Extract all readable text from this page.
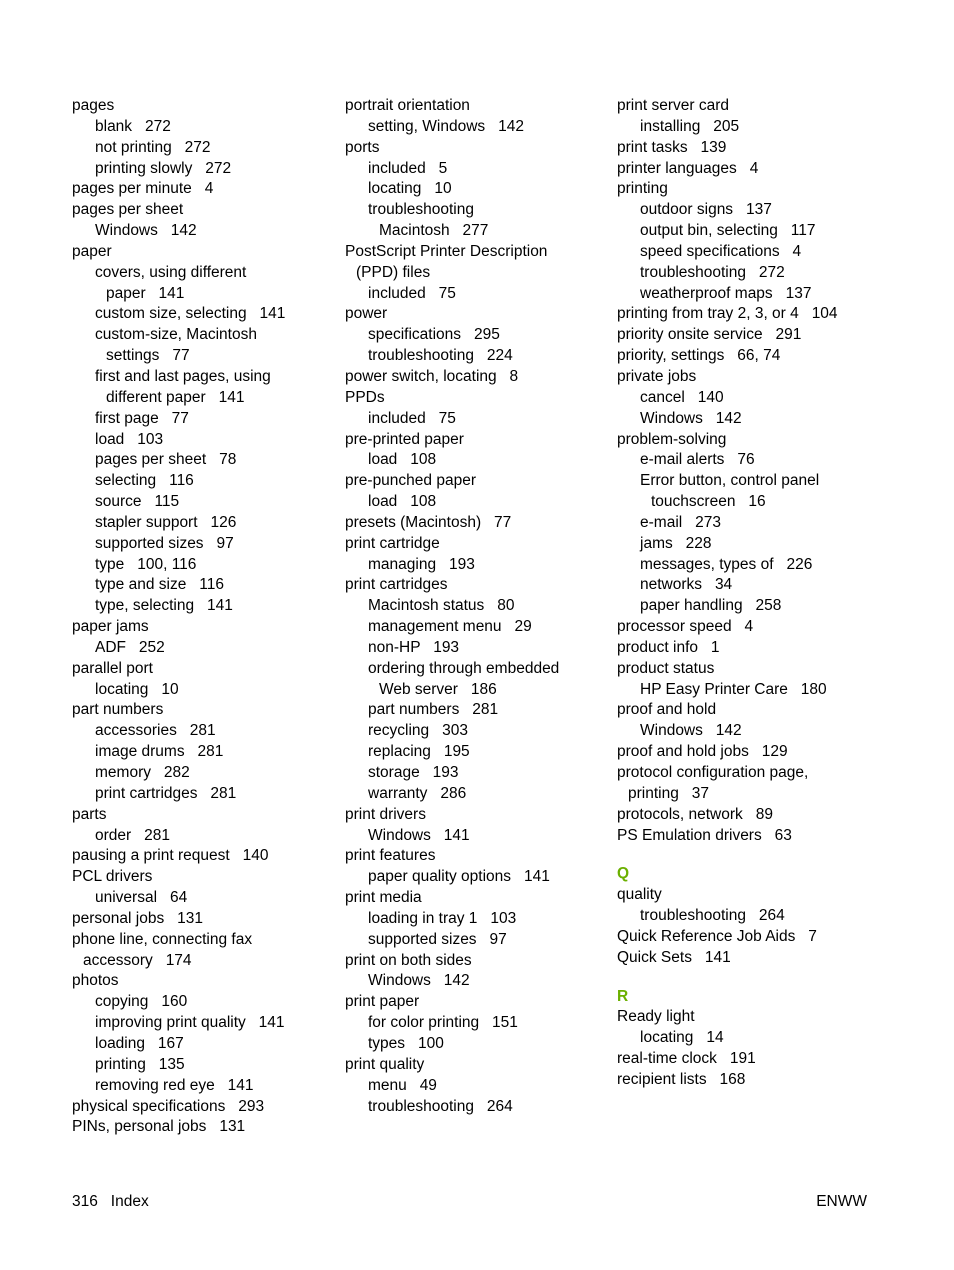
pages
blank   272
not printing   272
printing slowly   272
pages per minute   4
pages per sheet
Windows   142
paper
covers, using different
paper   141
custom size, selecting   141
custom-size, Macintosh
settings   77
first and last pages, using
different paper   141
first page   77
load   103
pages per sheet   78
selecting   116
source   115
stapler support   126
supported sizes   97
type   100, 116
type and size   116
type, selecting   141
paper jams
ADF   252
parallel port
locating   10
part numbers
accessories   281
image drums   281
memory   282
print cartridges   281
parts
order   281
pausing a print request   140
PCL drivers
universal   64
personal jobs   131
phone line, connecting fax
accessory   174
photos
copying   160
improving print quality   141
loading   167
printing   135
removing red eye   141
physical specifications   293
PINs, personal jobs   131
portrait orientation
setting, Windows   142
ports
included   5
locating   10
troubleshooting
Macintosh   277
PostScript Printer Description
(PPD) files
included   75
power
specifications   295
troubleshooting   224
power switch, locating   8
PPDs
included   75
pre-printed paper
load   108
pre-punched paper
load   108
presets (Macintosh)   77
print cartridge
managing   193
print cartridges
Macintosh status   80
management menu   29
non-HP   193
ordering through embedded
Web server   186
part numbers   281
recycling   303
replacing   195
storage   193
warranty   286
print drivers
Windows   141
print features
paper quality options   141
print media
loading in tray 1   103
supported sizes   97
print on both sides
Windows   142
print paper
for color printing   151
types   100
print quality
menu   49
troubleshooting   264
print server card
installing   205
print tasks   139
printer languages   4
printing
outdoor signs   137
output bin, selecting   117
speed specifications   4
troubleshooting   272
weatherproof maps   137
printing from tray 2, 3, or 4   104
priority onsite service   291
priority, settings   66, 74
private jobs
cancel   140
Windows   142
problem-solving
e-mail alerts   76
Error button, control panel
touchscreen   16
e-mail   273
jams   228
messages, types of   226
networks   34
paper handling   258
processor speed   4
product info   1
product status
HP Easy Printer Care   180
proof and hold
Windows   142
proof and hold jobs   129
protocol configuration page,
printing   37
protocols, network   89
PS Emulation drivers   63
Q
quality
troubleshooting   264
Quick Reference Job Aids   7
Quick Sets   141
R
Ready light
locating   14
real-time clock   191
recipient lists   168
316   Index	ENWW
